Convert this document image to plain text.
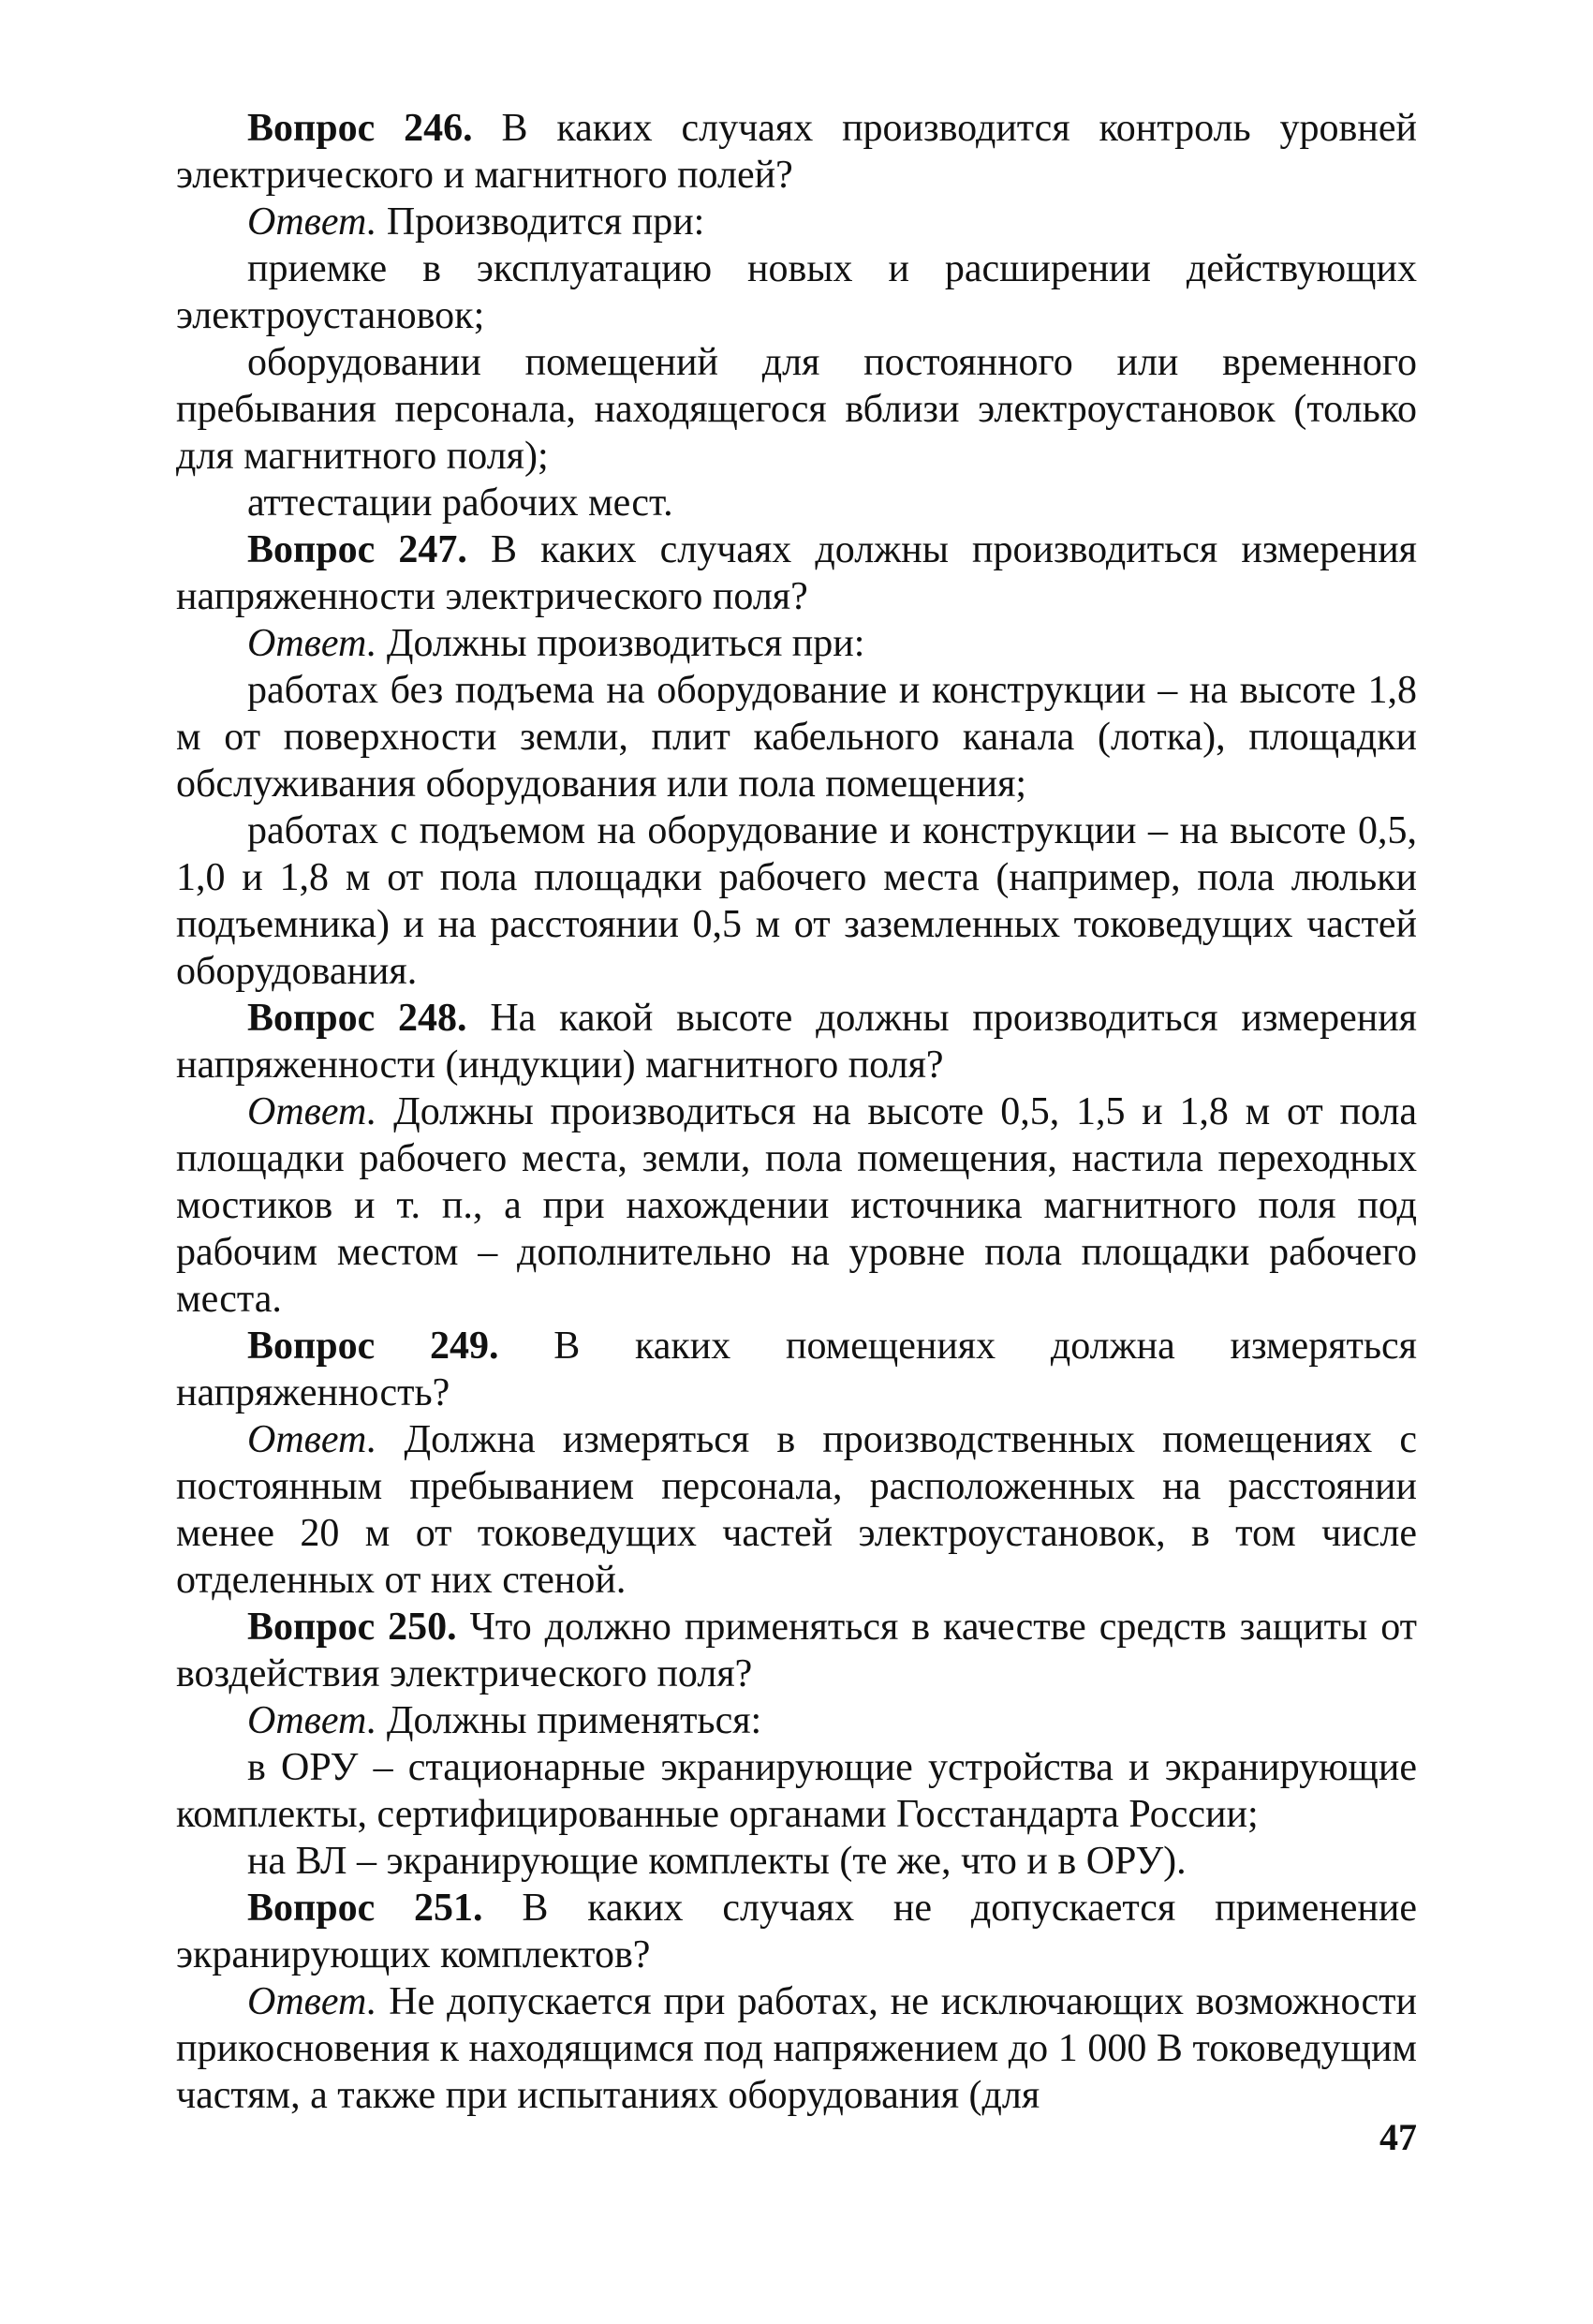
Вопрос 246. В каких случаях производится контроль уровней электрического и магнитного полей?

Ответ. Производится при:

приемке в эксплуатацию новых и расширении действующих электроустановок;

оборудовании помещений для постоянного или временного пребывания персонала, находящегося вблизи электроустановок (только для магнитного поля);

аттестации рабочих мест.

Вопрос 247. В каких случаях должны производиться измерения напряженности электрического поля?

Ответ. Должны производиться при:

работах без подъема на оборудование и конструкции – на высоте 1,8 м от поверхности земли, плит кабельного канала (лотка), площадки обслуживания оборудования или пола помещения;

работах с подъемом на оборудование и конструкции – на высоте 0,5, 1,0 и 1,8 м от пола площадки рабочего места (например, пола люльки подъемника) и на расстоянии 0,5 м от заземленных токоведущих частей оборудования.

Вопрос 248. На какой высоте должны производиться измерения напряженности (индукции) магнитного поля?

Ответ. Должны производиться на высоте 0,5, 1,5 и 1,8 м от пола площадки рабочего места, земли, пола помещения, настила переходных мостиков и т. п., а при нахождении источника магнитного поля под рабочим местом – дополнительно на уровне пола площадки рабочего места.

Вопрос 249. В каких помещениях должна измеряться напряженность?

Ответ. Должна измеряться в производственных помещениях с постоянным пребыванием персонала, расположенных на расстоянии менее 20 м от токоведущих частей электроустановок, в том числе отделенных от них стеной.

Вопрос 250. Что должно применяться в качестве средств защиты от воздействия электрического поля?

Ответ. Должны применяться:

в ОРУ – стационарные экранирующие устройства и экранирующие комплекты, сертифицированные органами Госстандарта России;

на ВЛ – экранирующие комплекты (те же, что и в ОРУ).

Вопрос 251. В каких случаях не допускается применение экранирующих комплектов?

Ответ. Не допускается при работах, не исключающих возможности прикосновения к находящимся под напряжением до 1 000 В токоведущим частям, а также при испытаниях оборудования (для

47
